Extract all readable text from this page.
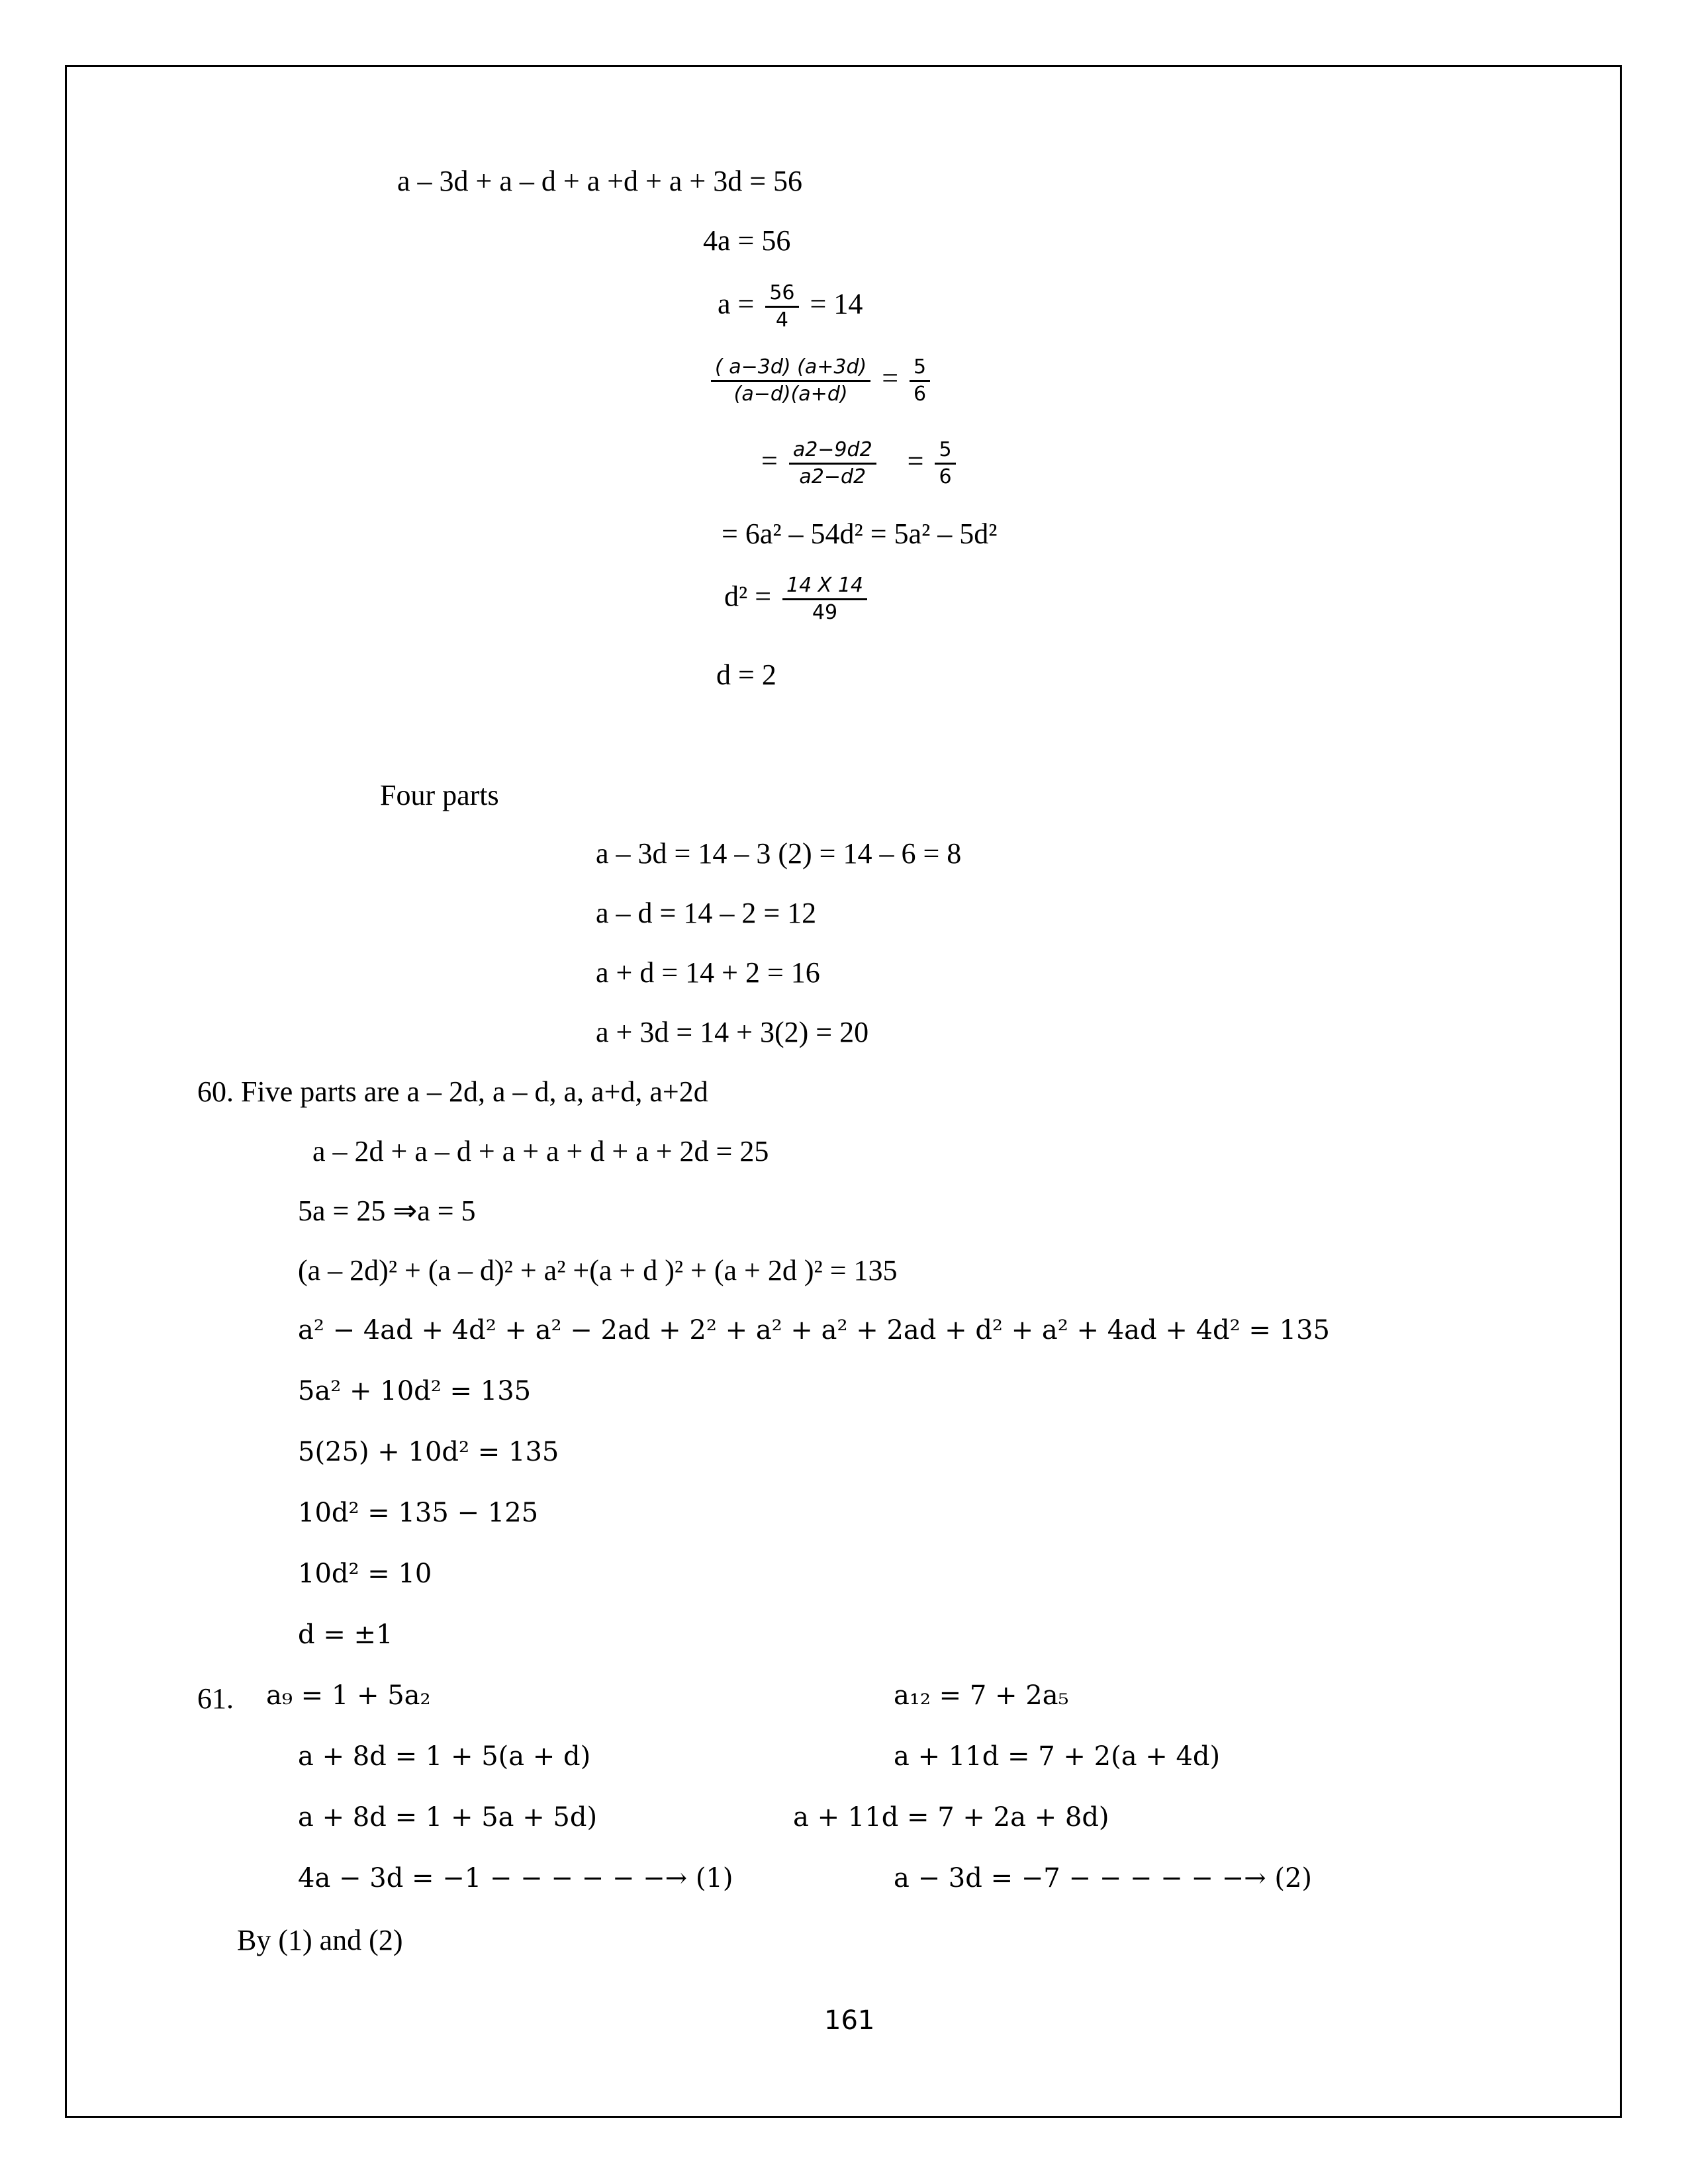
a – 3d + a – d + a +d + a + 3d = 56
4a = 56
$a = \frac{56}{4} = 14$
$\frac{( a-3d) (a+3d)}{(a-d)(a+d)} = \frac{5}{6}$
= $\frac{a2-9d2}{a2-d2} = \frac{5}{6}$
= 6a² – 54d² = 5a² – 5d²
$d^2 = \frac{14 X 14}{49}$
d = 2
Four parts
a – 3d = 14 – 3 (2) = 14 – 6 = 8
a – d = 14 – 2 = 12
a + d = 14 + 2 = 16
a + 3d = 14 + 3(2) = 20
60. Five parts are a – 2d, a – d, a, a+d, a+2d
a – 2d + a – d + a + a + d + a + 2d = 25
5a = 25 ⇒a = 5
(a – 2d)² + (a – d)² + a² +(a + d )² + (a + 2d )² = 135
a² − 4ad + 4d² + a² − 2ad + 2² + a² + a² + 2ad + d² + a² + 4ad + 4d² = 135
5a² + 10d² = 135
5(25) + 10d² = 135
10d² = 135 − 125
10d² = 10
d = ±1
61. a₉ = 1 + 5a₂	a₁₂ = 7 + 2a₅
a + 8d = 1 + 5(a + d)	a + 11d = 7 + 2(a + 4d)
a + 8d = 1 + 5a + 5d)	a + 11d = 7 + 2a + 8d)
4a − 3d = −1 − − − − − −→ (1)	a − 3d = −7 − − − − − −→ (2)
By (1) and (2)
161
